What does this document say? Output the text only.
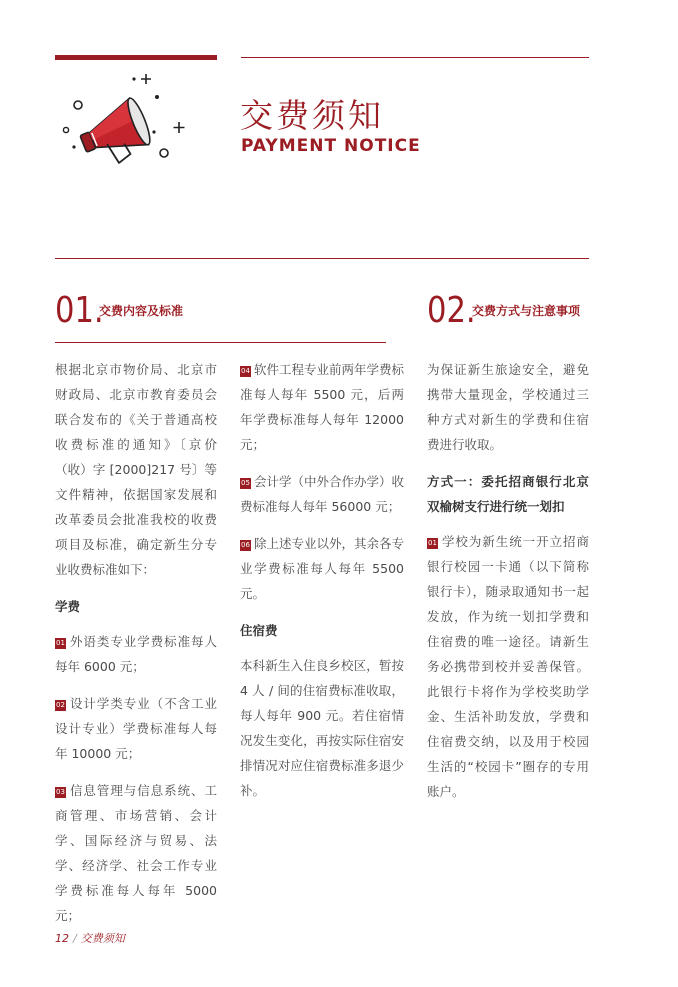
交费须知
PAYMENT NOTICE
01.
交费内容及标准	02.
交费方式与注意事项

根据北京市物价局、北京市财政局、北京市教育委员会联合发布的《关于普通高校收费标准的通知》〔京价（收）字 [2000]217 号〕等文件精神，依据国家发展和改革委员会批准我校的收费项目及标准，确定新生分专业收费标准如下：

学费

01 外语类专业学费标准每人每年 6000 元；

02 设计学类专业（不含工业设计专业）学费标准每人每年 10000 元；

03 信息管理与信息系统、工商管理、市场营销、会计学、国际经济与贸易、法学、经济学、社会工作专业学费标准每人每年 5000 元；

04 软件工程专业前两年学费标准每人每年 5500 元，后两年学费标准每人每年 12000 元；

05 会计学（中外合作办学）收费标准每人每年 56000 元；

06 除上述专业以外，其余各专业学费标准每人每年 5500 元。

住宿费

本科新生入住良乡校区，暂按 4 人 / 间的住宿费标准收取，每人每年 900 元。若住宿情况发生变化，再按实际住宿安排情况对应住宿费标准多退少补。

为保证新生旅途安全，避免携带大量现金，学校通过三种方式对新生的学费和住宿费进行收取。

方式一：委托招商银行北京双榆树支行进行统一划扣

01 学校为新生统一开立招商银行校园一卡通（以下简称银行卡），随录取通知书一起发放，作为统一划扣学费和住宿费的唯一途径。请新生务必携带到校并妥善保管。此银行卡将作为学校奖助学金、生活补助发放，学费和住宿费交纳，以及用于校园生活的“校园卡”圈存的专用账户。

12 / 交费须知
